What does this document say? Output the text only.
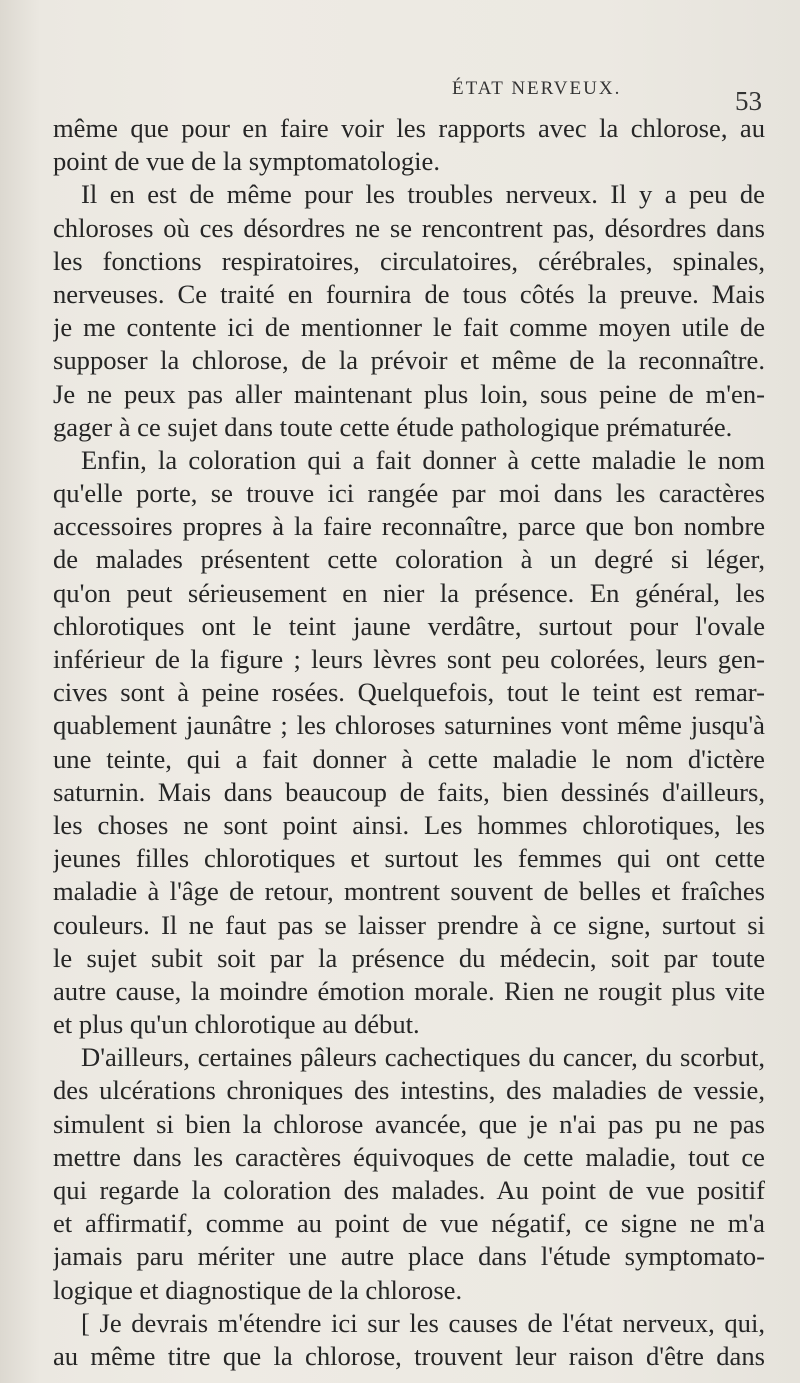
ÉTAT NERVEUX.	53
même que pour en faire voir les rapports avec la chlorose, au
point de vue de la symptomatologie.
Il en est de même pour les troubles nerveux. Il y a peu de
chloroses où ces désordres ne se rencontrent pas, désordres dans
les fonctions respiratoires, circulatoires, cérébrales, spinales,
nerveuses. Ce traité en fournira de tous côtés la preuve. Mais
je me contente ici de mentionner le fait comme moyen utile de
supposer la chlorose, de la prévoir et même de la reconnaître.
Je ne peux pas aller maintenant plus loin, sous peine de m'en-
gager à ce sujet dans toute cette étude pathologique prématurée.
Enfin, la coloration qui a fait donner à cette maladie le nom
qu'elle porte, se trouve ici rangée par moi dans les caractères
accessoires propres à la faire reconnaître, parce que bon nombre
de malades présentent cette coloration à un degré si léger,
qu'on peut sérieusement en nier la présence. En général, les
chlorotiques ont le teint jaune verdâtre, surtout pour l'ovale
inférieur de la figure ; leurs lèvres sont peu colorées, leurs gen-
cives sont à peine rosées. Quelquefois, tout le teint est remar-
quablement jaunâtre ; les chloroses saturnines vont même jusqu'à
une teinte, qui a fait donner à cette maladie le nom d'ictère
saturnin. Mais dans beaucoup de faits, bien dessinés d'ailleurs,
les choses ne sont point ainsi. Les hommes chlorotiques, les
jeunes filles chlorotiques et surtout les femmes qui ont cette
maladie à l'âge de retour, montrent souvent de belles et fraîches
couleurs. Il ne faut pas se laisser prendre à ce signe, surtout si
le sujet subit soit par la présence du médecin, soit par toute
autre cause, la moindre émotion morale. Rien ne rougit plus vite
et plus qu'un chlorotique au début.
D'ailleurs, certaines pâleurs cachectiques du cancer, du scorbut,
des ulcérations chroniques des intestins, des maladies de vessie,
simulent si bien la chlorose avancée, que je n'ai pas pu ne pas
mettre dans les caractères équivoques de cette maladie, tout ce
qui regarde la coloration des malades. Au point de vue positif
et affirmatif, comme au point de vue négatif, ce signe ne m'a
jamais paru mériter une autre place dans l'étude symptomato-
logique et diagnostique de la chlorose.
[ Je devrais m'étendre ici sur les causes de l'état nerveux, qui,
au même titre que la chlorose, trouvent leur raison d'être dans
